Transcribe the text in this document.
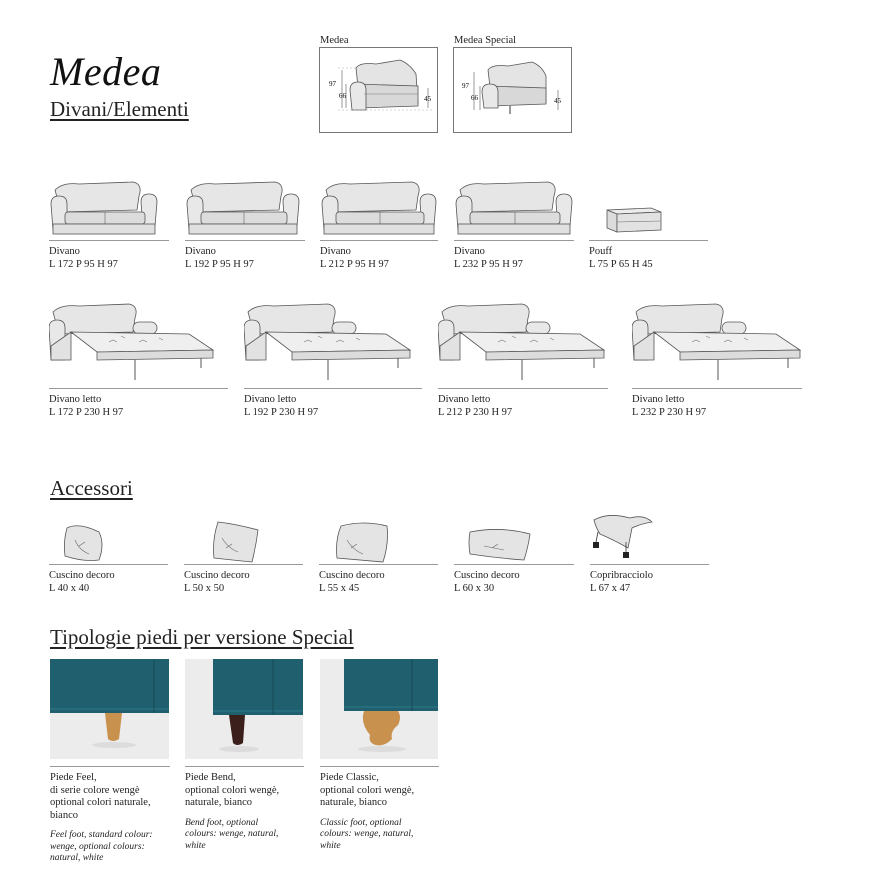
Medea
Divani/Elementi
Medea
97
66	45
Medea Special
97
66	45
Divano
L 172 P 95 H 97
Divano
L 192 P 95 H 97
Divano
L 212 P 95 H 97
Divano
L 232 P 95 H 97
Pouff
L 75 P 65 H 45
Divano letto
L 172 P 230 H 97
Divano letto
L 192 P 230 H 97
Divano letto
L 212 P 230 H 97
Divano letto
L 232 P 230 H 97
Accessori
Cuscino decoro
L 40 x 40
Cuscino decoro
L 50 x 50
Cuscino decoro
L 55 x 45
Cuscino decoro
L 60 x 30
Copribracciolo
L 67 x 47
Tipologie piedi per versione Special
Piede Feel,
di serie colore wengè
optional colori naturale,
bianco
Feel foot, standard colour:
wenge, optional colours:
natural, white
Piede Bend,
optional colori wengè,
naturale, bianco
Bend foot, optional
colours: wenge, natural,
white
Piede Classic,
optional colori wengè,
naturale, bianco
Classic foot, optional
colours: wenge, natural,
white
